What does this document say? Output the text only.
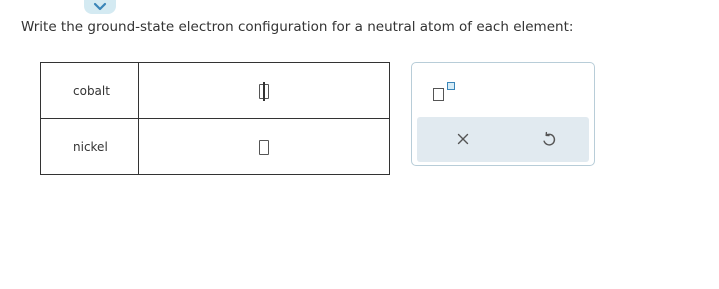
Write the ground-state electron configuration for a neutral atom of each element:
cobalt	
nickel	
